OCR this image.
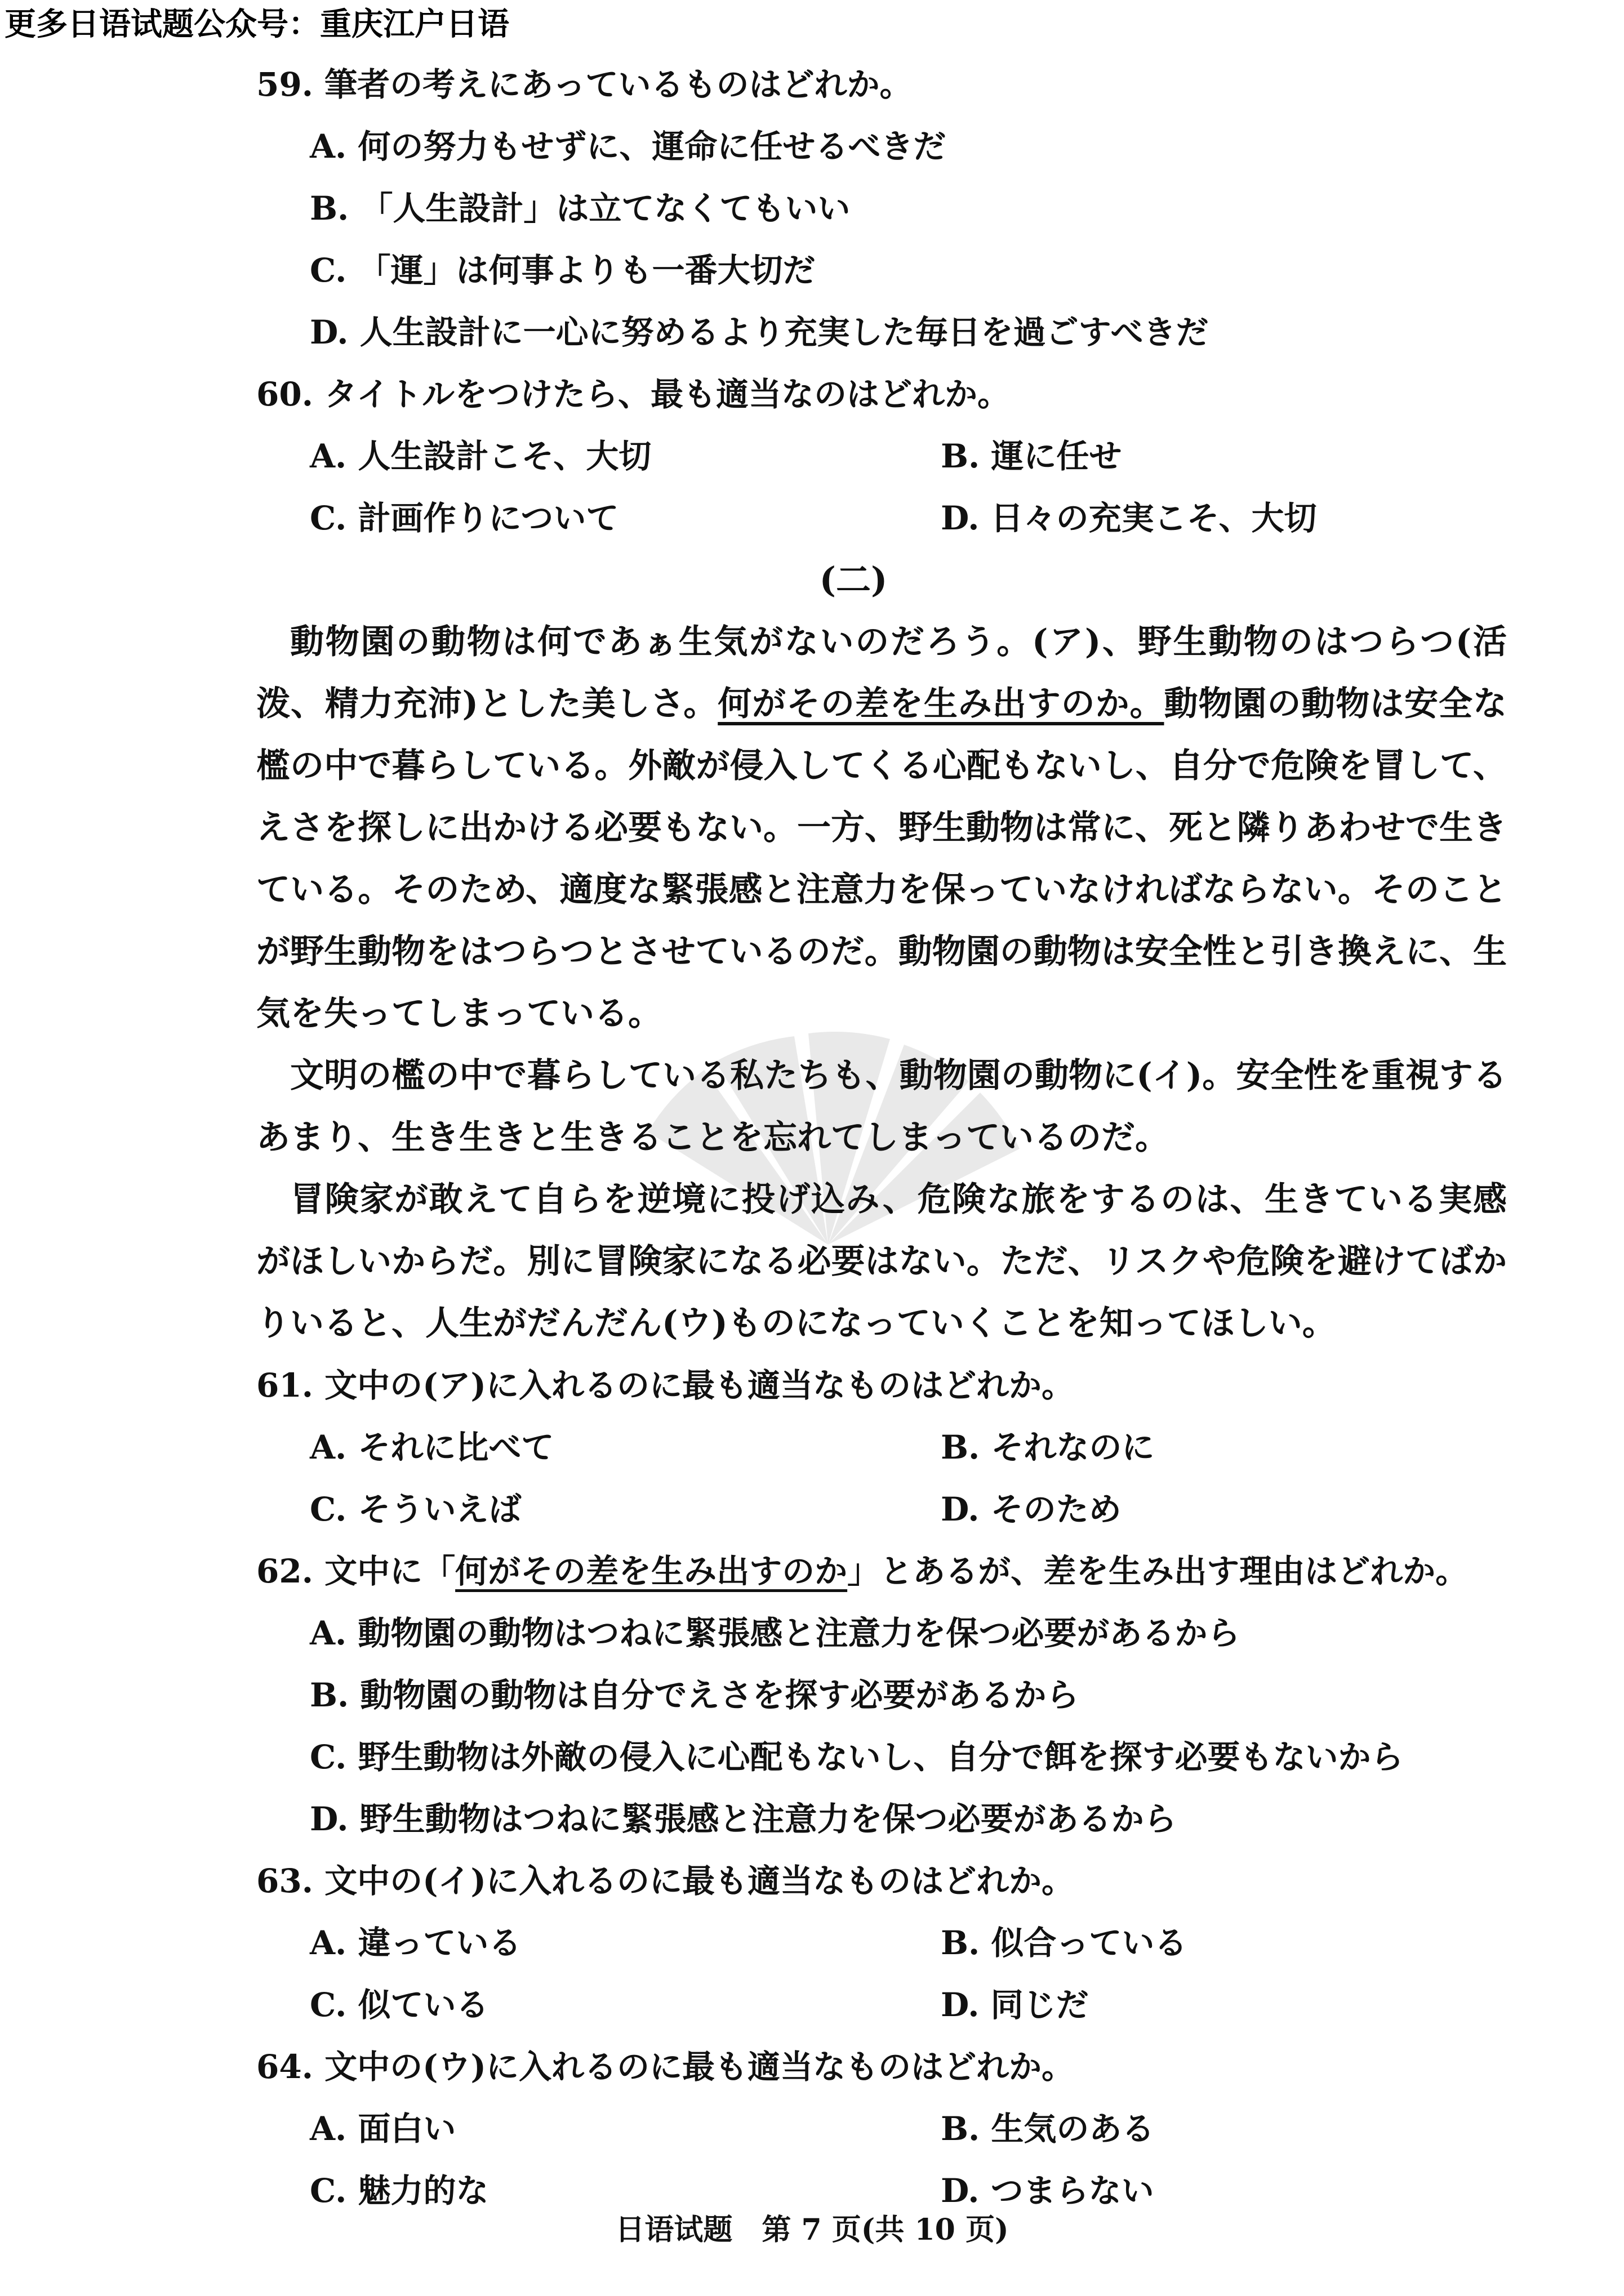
更多日语试题公众号：重庆江户日语
59. 筆者の考えにあっているものはどれか。
A. 何の努力もせずに、運命に任せるべきだ
B. 「人生設計」は立てなくてもいい
C. 「運」は何事よりも一番大切だ
D. 人生設計に一心に努めるより充実した毎日を過ごすべきだ
60. タイトルをつけたら、最も適当なのはどれか。
A. 人生設計こそ、大切	B. 運に任せ
C. 計画作りについて	D. 日々の充実こそ、大切
(二)

動物園の動物は何であぁ生気がないのだろう。(ア)、野生動物のはつらつ(活泼、精力充沛)とした美しさ。何がその差を生み出すのか。動物園の動物は安全な檻の中で暮らしている。外敵が侵入してくる心配もないし、自分で危険を冒して、えさを探しに出かける必要もない。一方、野生動物は常に、死と隣りあわせで生きている。そのため、適度な緊張感と注意力を保っていなければならない。そのことが野生動物をはつらつとさせているのだ。動物園の動物は安全性と引き換えに、生気を失ってしまっている。

文明の檻の中で暮らしている私たちも、動物園の動物に(イ)。安全性を重視するあまり、生き生きと生きることを忘れてしまっているのだ。

冒険家が敢えて自らを逆境に投げ込み、危険な旅をするのは、生きている実感がほしいからだ。別に冒険家になる必要はない。ただ、リスクや危険を避けてばかりいると、人生がだんだん(ウ)ものになっていくことを知ってほしい。

61. 文中の(ア)に入れるのに最も適当なものはどれか。
A. それに比べて	B. それなのに
C. そういえば	D. そのため
62. 文中に「何がその差を生み出すのか」とあるが、差を生み出す理由はどれか。
A. 動物園の動物はつねに緊張感と注意力を保つ必要があるから
B. 動物園の動物は自分でえさを探す必要があるから
C. 野生動物は外敵の侵入に心配もないし、自分で餌を探す必要もないから
D. 野生動物はつねに緊張感と注意力を保つ必要があるから
63. 文中の(イ)に入れるのに最も適当なものはどれか。
A. 違っている	B. 似合っている
C. 似ている	D. 同じだ
64. 文中の(ウ)に入れるのに最も適当なものはどれか。
A. 面白い	B. 生気のある
C. 魅力的な	D. つまらない
日语试题　第 7 页(共 10 页)
